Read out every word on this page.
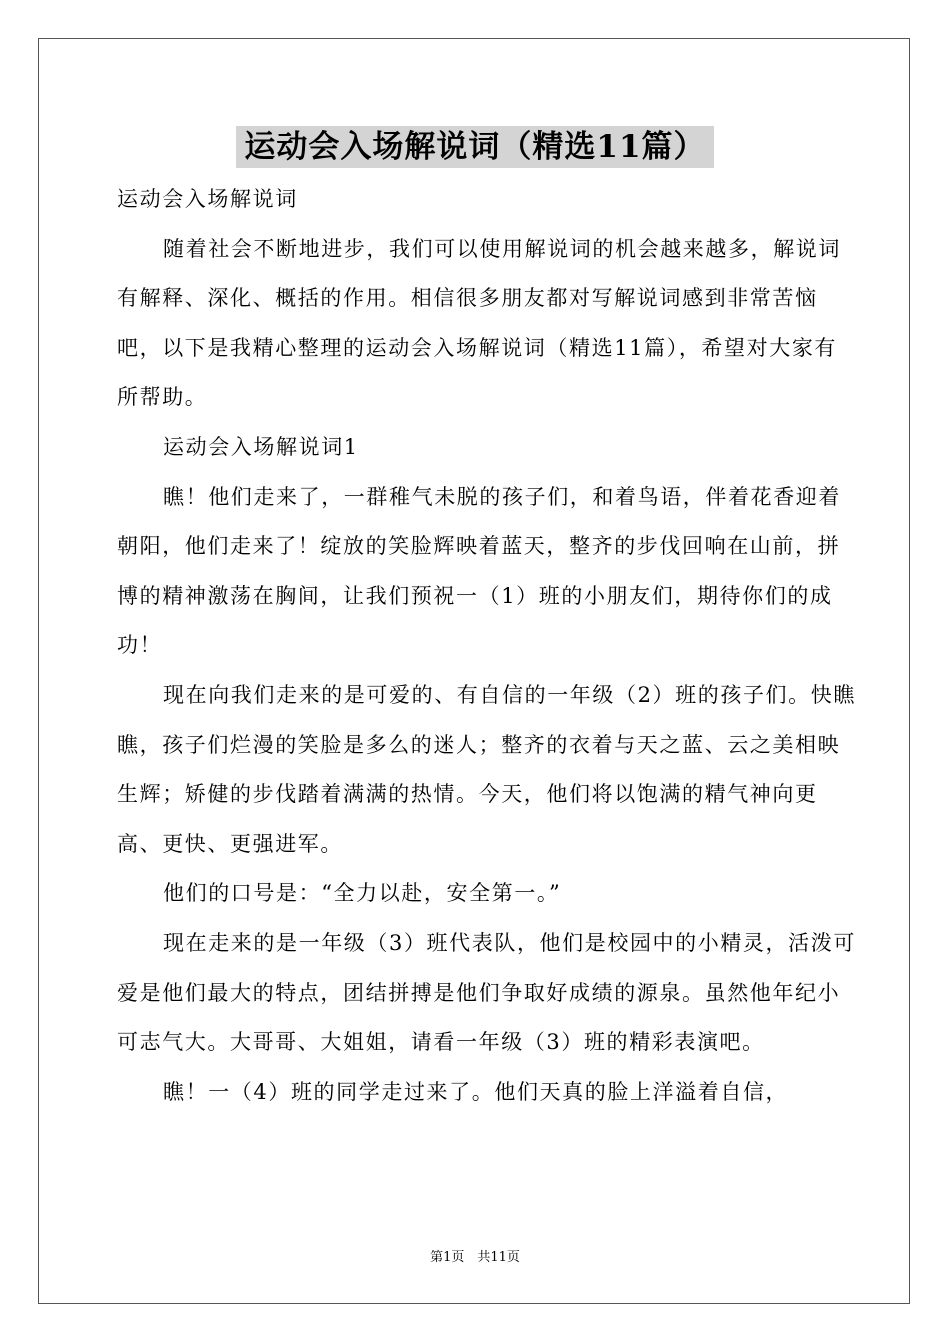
运动会入场解说词（精选11篇）

运动会入场解说词

随着社会不断地进步，我们可以使用解说词的机会越来越多，解说词有解释、深化、概括的作用。相信很多朋友都对写解说词感到非常苦恼吧，以下是我精心整理的运动会入场解说词（精选11篇），希望对大家有所帮助。

运动会入场解说词1

瞧！他们走来了，一群稚气未脱的孩子们，和着鸟语，伴着花香迎着朝阳，他们走来了！绽放的笑脸辉映着蓝天，整齐的步伐回响在山前，拼博的精神激荡在胸间，让我们预祝一（1）班的小朋友们，期待你们的成功！

现在向我们走来的是可爱的、有自信的一年级（2）班的孩子们。快瞧瞧，孩子们烂漫的笑脸是多么的迷人；整齐的衣着与天之蓝、云之美相映生辉；矫健的步伐踏着满满的热情。今天，他们将以饱满的精气神向更高、更快、更强进军。

他们的口号是：“全力以赴，安全第一。”

现在走来的是一年级（3）班代表队，他们是校园中的小精灵，活泼可爱是他们最大的特点，团结拼搏是他们争取好成绩的源泉。虽然他年纪小可志气大。大哥哥、大姐姐，请看一年级（3）班的精彩表演吧。

瞧！一（4）班的同学走过来了。他们天真的脸上洋溢着自信，

第1页　共11页
